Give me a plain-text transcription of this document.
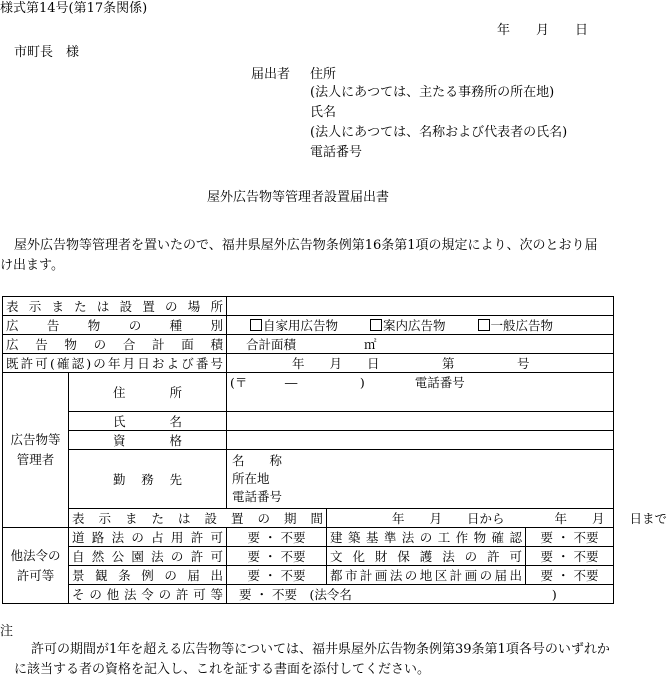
様式第14号(第17条関係)
年　　月　　日
市町長　様
届出者 住所
(法人にあつては、主たる事務所の所在地)
氏名
(法人にあつては、名称および代表者の氏名)
電話番号
屋外広告物等管理者設置届出書
屋外広告物等管理者を置いたので、福井県屋外広告物条例第16条第1項の規定により、次のとおり届け出ます。
表示または設置の場所				
広告物の種別		自家用広告物 案内広告物 一般広告物		
広告物の合計面積		合計面積 ㎡		
既許可(確認)の年月日および番号		年　　月　　日　　　　　第　　　　　号		
広告物等管理者	住所	(〒　　　―　　　　　)　　　　電話番号		
	氏名			
	資格			
	勤務先	名　　称
所在地
電話番号		

	表示または設置の期間		年　　月　　日から　　　　年　　月　　日まで	
他法令の許可等	道路法の占用許可	要 ・ 不要	建築基準法の工作物確認	要 ・ 不要
	自然公園法の許可	要 ・ 不要	文化財保護法の許可	要 ・ 不要
	景観条例の届出	要 ・ 不要	都市計画法の地区計画の届出	要 ・ 不要
	その他法令の許可等	要 ・ 不要　(法令名　　　　　　　　　　　　　　　　)		
注
許可の期間が1年を超える広告物等については、福井県屋外広告物条例第39条第1項各号のいずれかに該当する者の資格を記入し、これを証する書面を添付してください。
